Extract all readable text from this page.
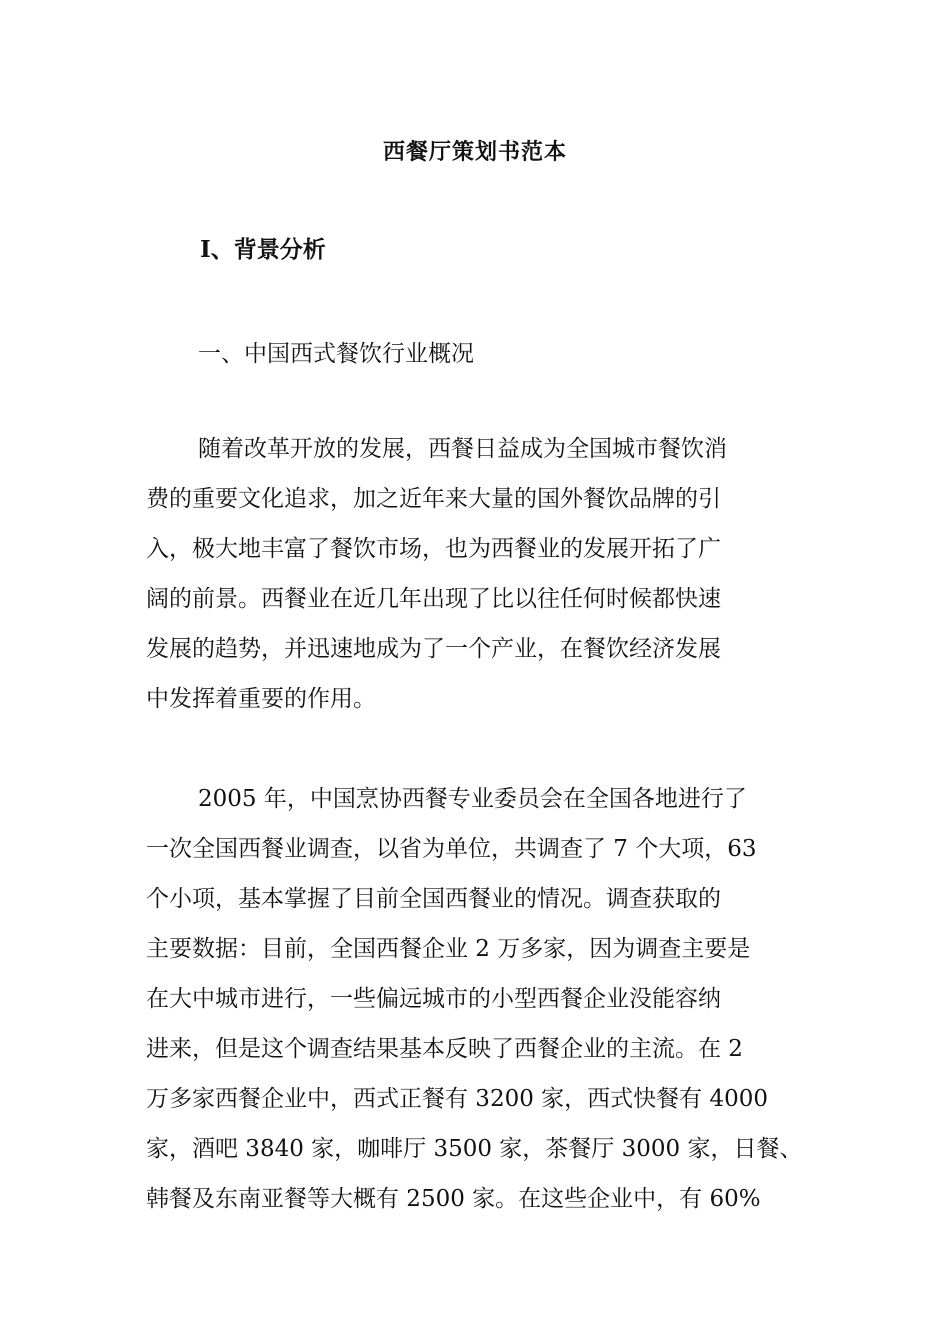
西餐厅策划书范本
Ⅰ、背景分析
一、中国西式餐饮行业概况

随着改革开放的发展，西餐日益成为全国城市餐饮消
费的重要文化追求，加之近年来大量的国外餐饮品牌的引
入，极大地丰富了餐饮市场，也为西餐业的发展开拓了广
阔的前景。西餐业在近几年出现了比以往任何时候都快速
发展的趋势，并迅速地成为了一个产业，在餐饮经济发展
中发挥着重要的作用。

2005 年，中国烹协西餐专业委员会在全国各地进行了
一次全国西餐业调查，以省为单位，共调查了 7 个大项，63
个小项，基本掌握了目前全国西餐业的情况。调查获取的
主要数据：目前，全国西餐企业 2 万多家，因为调查主要是
在大中城市进行，一些偏远城市的小型西餐企业没能容纳
进来，但是这个调查结果基本反映了西餐企业的主流。在 2
万多家西餐企业中，西式正餐有 3200 家，西式快餐有 4000
家，酒吧 3840 家，咖啡厅 3500 家，茶餐厅 3000 家，日餐、
韩餐及东南亚餐等大概有 2500 家。在这些企业中，有 60%
